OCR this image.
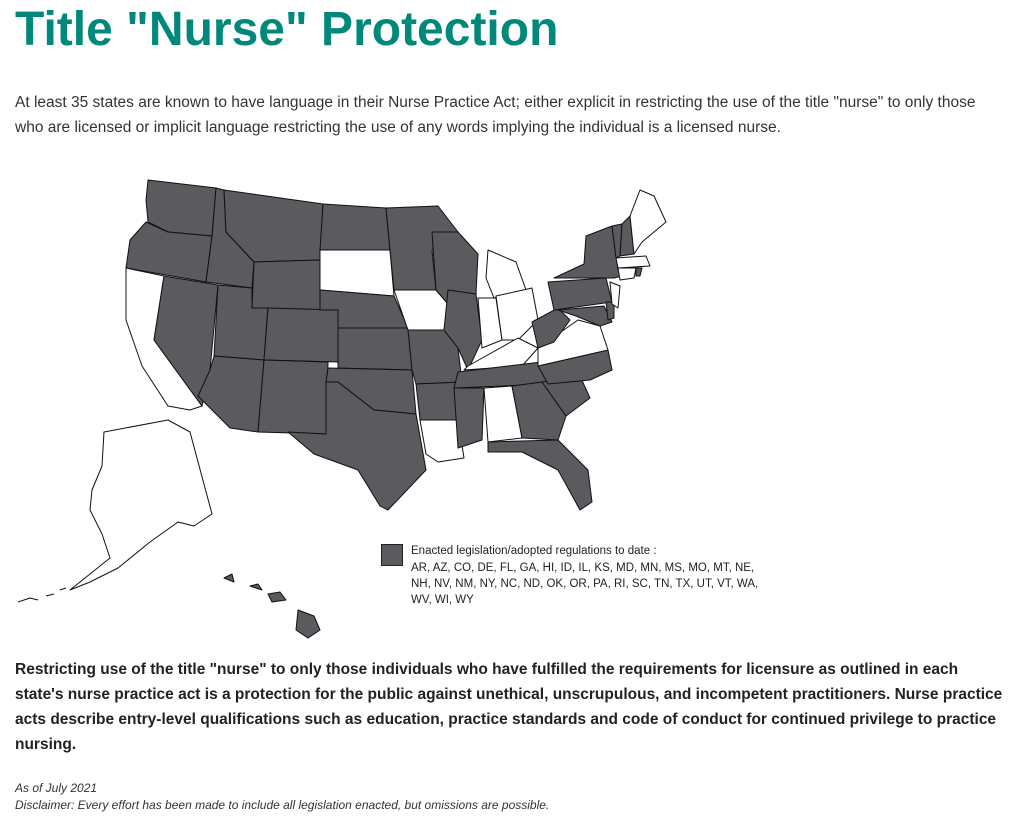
Title "Nurse" Protection

At least 35 states are known to have language in their Nurse Practice Act; either explicit in restricting the use of the title "nurse" to only those who are licensed or implicit language restricting the use of any words implying the individual is a licensed nurse.

Enacted legislation/adopted regulations to date :
AR, AZ, CO, DE, FL, GA, HI, ID, IL, KS, MD, MN, MS, MO, MT, NE, NH, NV, NM, NY, NC, ND, OK, OR, PA, RI, SC, TN, TX, UT, VT, WA, WV, WI, WY

Restricting use of the title "nurse" to only those individuals who have fulfilled the requirements for licensure as outlined in each state's nurse practice act is a protection for the public against unethical, unscrupulous, and incompetent practitioners. Nurse practice acts describe entry-level qualifications such as education, practice standards and code of conduct for continued privilege to practice nursing.

As of July 2021
Disclaimer: Every effort has been made to include all legislation enacted, but omissions are possible.
